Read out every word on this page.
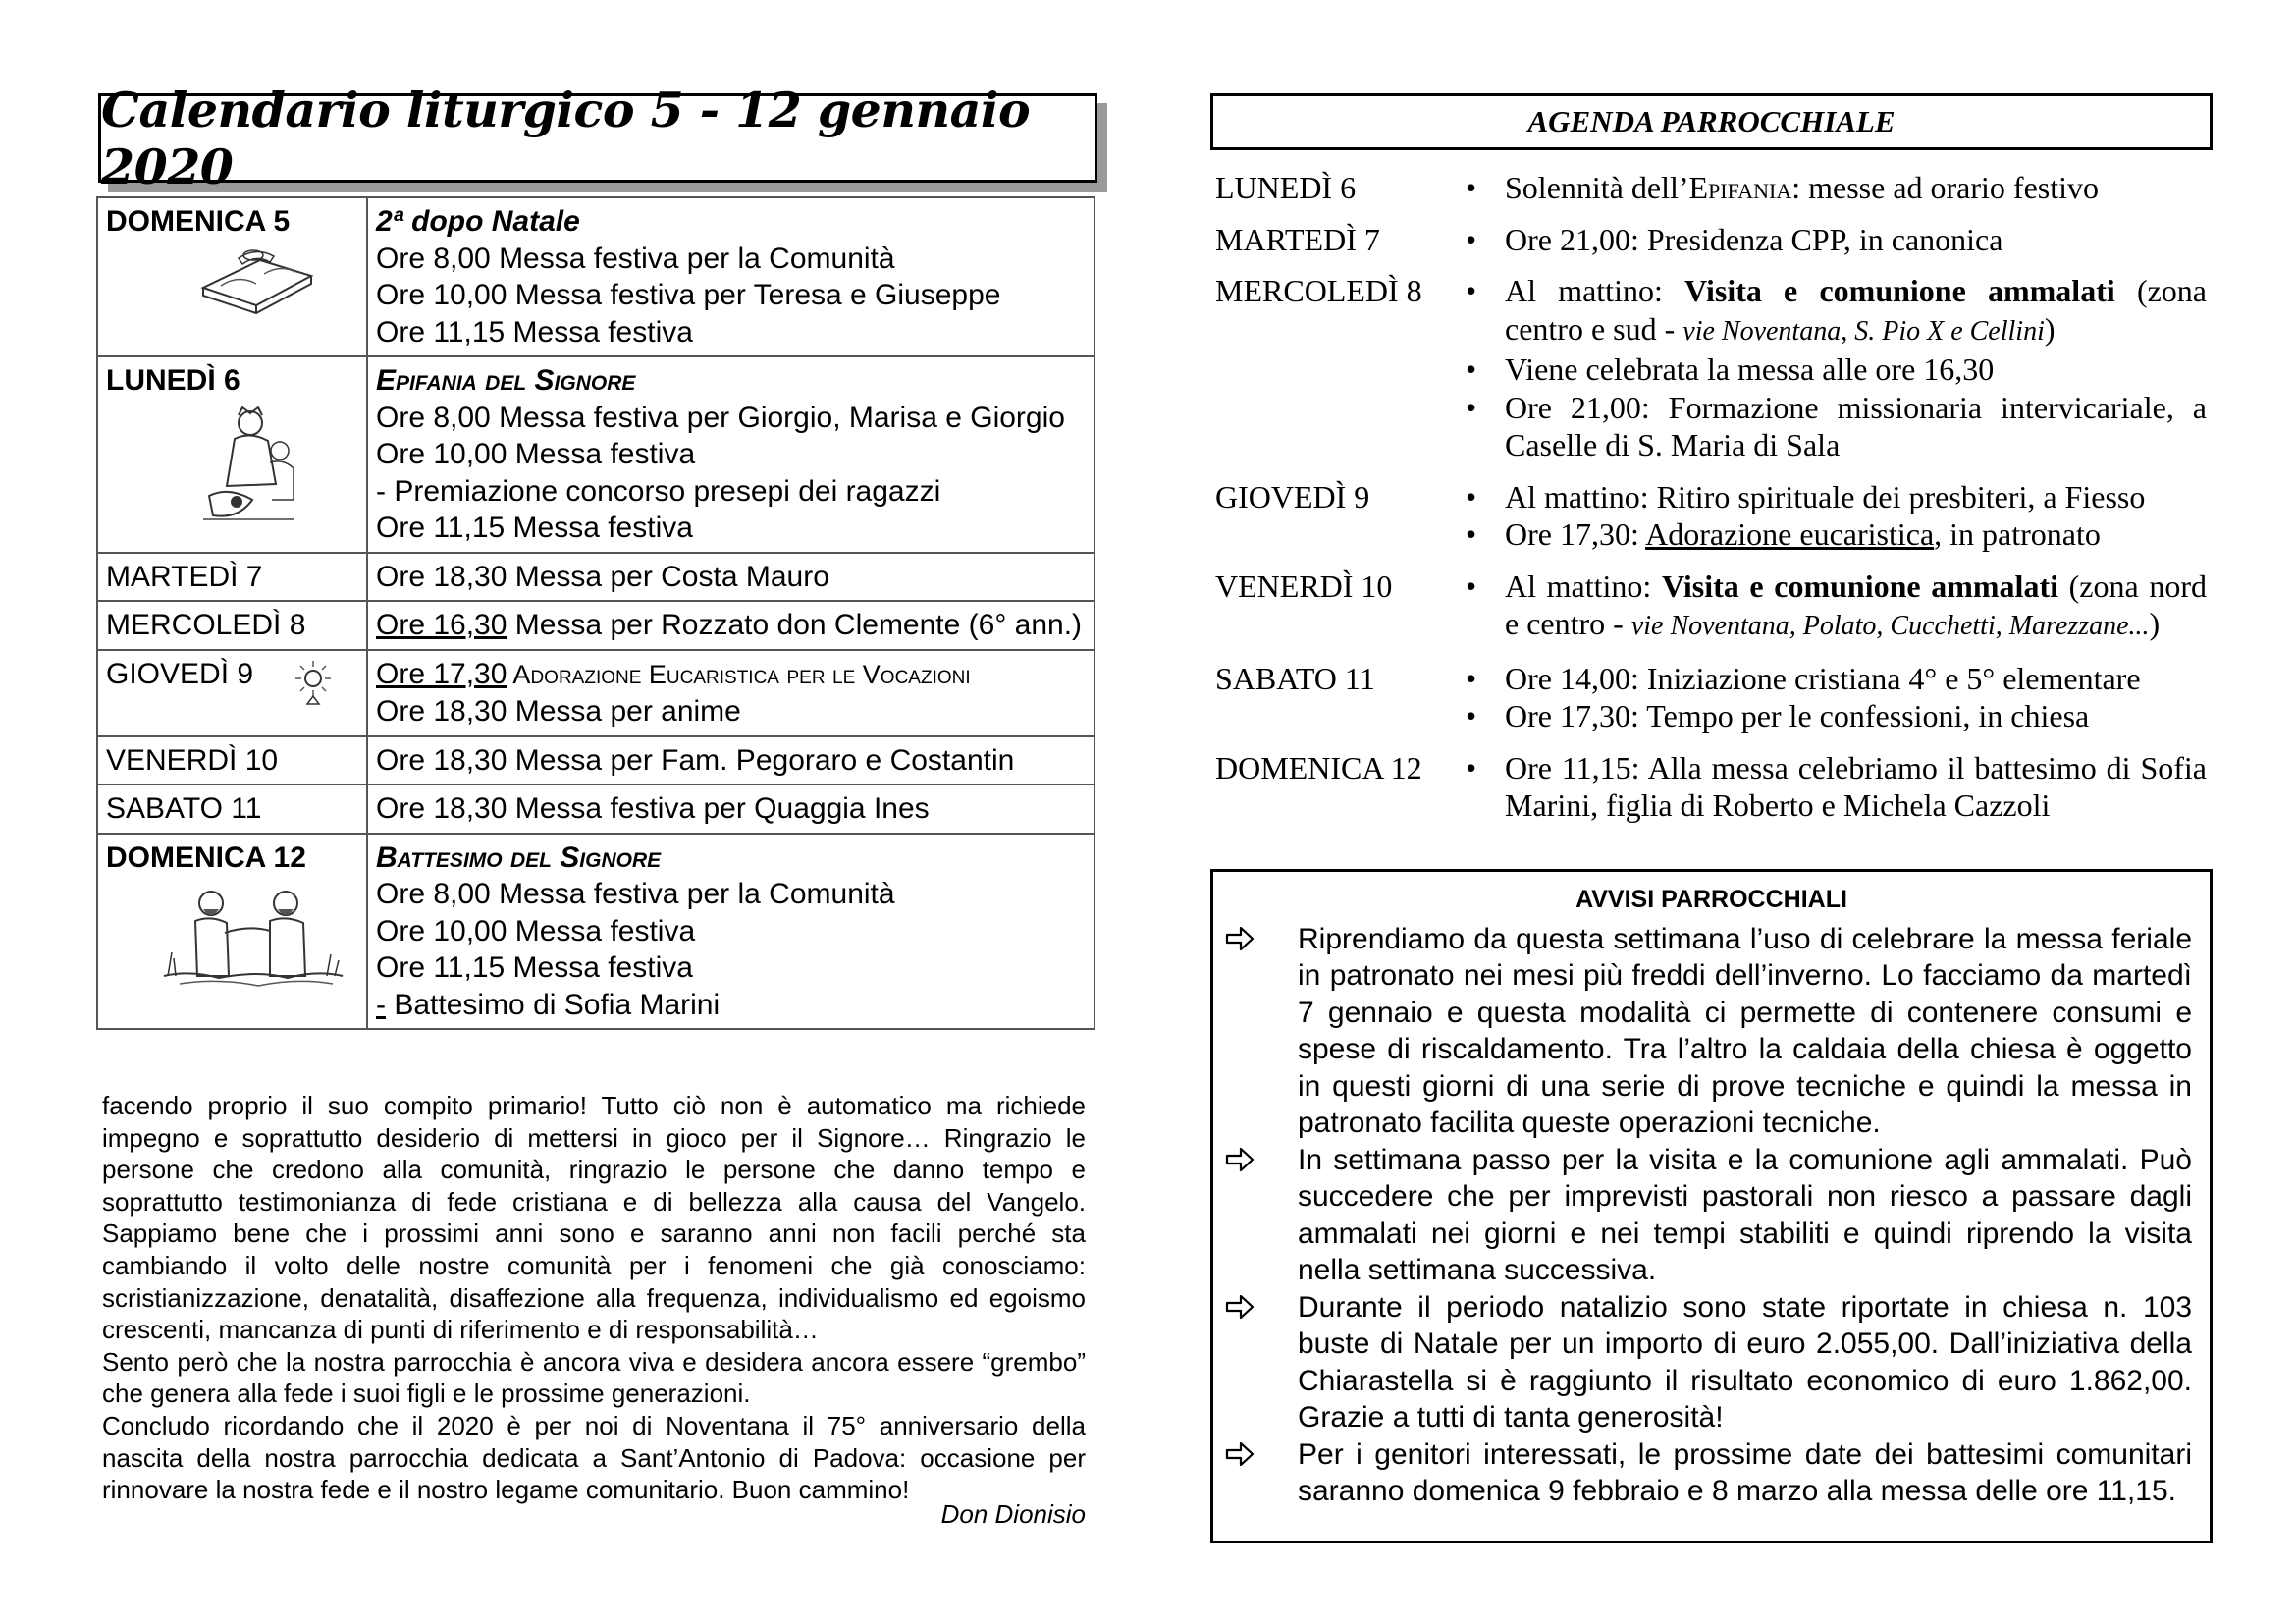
Calendario liturgico 5 - 12 gennaio 2020
DOMENICA 5	2ª dopo Natale
Ore 8,00 Messa festiva per la Comunità
Ore 10,00 Messa festiva per Teresa e Giuseppe
Ore 11,15 Messa festiva

LUNEDÌ 6	Epifania del Signore
Ore 8,00 Messa festiva per Giorgio, Marisa e Giorgio
Ore 10,00 Messa festiva
- Premiazione concorso presepi dei ragazzi
Ore 11,15 Messa festiva

MARTEDÌ 7	Ore 18,30 Messa per Costa Mauro

MERCOLEDÌ 8	Ore 16,30 Messa per Rozzato don Clemente (6° ann.)

GIOVEDÌ 9	Ore 17,30 Adorazione Eucaristica per le Vocazioni
Ore 18,30 Messa per anime

VENERDÌ 10	Ore 18,30 Messa per Fam. Pegoraro e Costantin

SABATO 11	Ore 18,30 Messa festiva per Quaggia Ines

DOMENICA 12	Battesimo del Signore
Ore 8,00 Messa festiva per la Comunità
Ore 10,00 Messa festiva
Ore 11,15 Messa festiva
- Battesimo di Sofia Marini

facendo proprio il suo compito primario! Tutto ciò non è automatico ma richiede impegno e soprattutto desiderio di mettersi in gioco per il Signore… Ringrazio le persone che credono alla comunità, ringrazio le persone che danno tempo e soprattutto testimonianza di fede cristiana e di bellezza alla causa del Vangelo. Sappiamo bene che i prossimi anni sono e saranno anni non facili perché sta cambiando il volto delle nostre comunità per i fenomeni che già conosciamo: scristianizzazione, denatalità, disaffezione alla frequenza, individualismo ed egoismo crescenti, mancanza di punti di riferimento e di responsabilità…

Sento però che la nostra parrocchia è ancora viva e desidera ancora essere “grembo” che genera alla fede i suoi figli e le prossime generazioni.

Concludo ricordando che il 2020 è per noi di Noventana il 75° anniversario della nascita della nostra parrocchia dedicata a Sant’Antonio di Padova: occasione per rinnovare la nostra fede e il nostro legame comunitario. Buon cammino!

Don Dionisio
AGENDA PARROCCHIALE
LUNEDÌ 6	• Solennità dell’Epifania: messe ad orario festivo
MARTEDÌ 7	• Ore 21,00: Presidenza CPP, in canonica
MERCOLEDÌ 8	• Al mattino: Visita e comunione ammalati (zona centro e sud - vie Noventana, S. Pio X e Cellini)
• Viene celebrata la messa alle ore 16,30
• Ore 21,00: Formazione missionaria intervicariale, a Caselle di S. Maria di Sala
GIOVEDÌ 9	• Al mattino: Ritiro spirituale dei presbiteri, a Fiesso
• Ore 17,30: Adorazione eucaristica, in patronato
VENERDÌ 10	• Al mattino: Visita e comunione ammalati (zona nord e centro - vie Noventana, Polato, Cucchetti, Marezzane...)
SABATO 11	• Ore 14,00: Iniziazione cristiana 4° e 5° elementare
• Ore 17,30: Tempo per le confessioni, in chiesa
DOMENICA 12	• Ore 11,15: Alla messa celebriamo il battesimo di Sofia Marini, figlia di Roberto e Michela Cazzoli
AVVISI PARROCCHIALI
Riprendiamo da questa settimana l’uso di celebrare la messa feriale in patronato nei mesi più freddi dell’inverno. Lo facciamo da martedì 7 gennaio e questa modalità ci permette di contenere consumi e spese di riscaldamento. Tra l’altro la caldaia della chiesa è oggetto in questi giorni di una serie di prove tecniche e quindi la messa in patronato facilita queste operazioni tecniche.
In settimana passo per la visita e la comunione agli ammalati. Può succedere che per imprevisti pastorali non riesco a passare dagli ammalati nei giorni e nei tempi stabiliti e quindi riprendo la visita nella settimana successiva.
Durante il periodo natalizio sono state riportate in chiesa n. 103 buste di Natale per un importo di euro 2.055,00. Dall’iniziativa della Chiarastella si è raggiunto il risultato economico di euro 1.862,00. Grazie a tutti di tanta generosità!
Per i genitori interessati, le prossime date dei battesimi comunitari saranno domenica 9 febbraio e 8 marzo alla messa delle ore 11,15.
